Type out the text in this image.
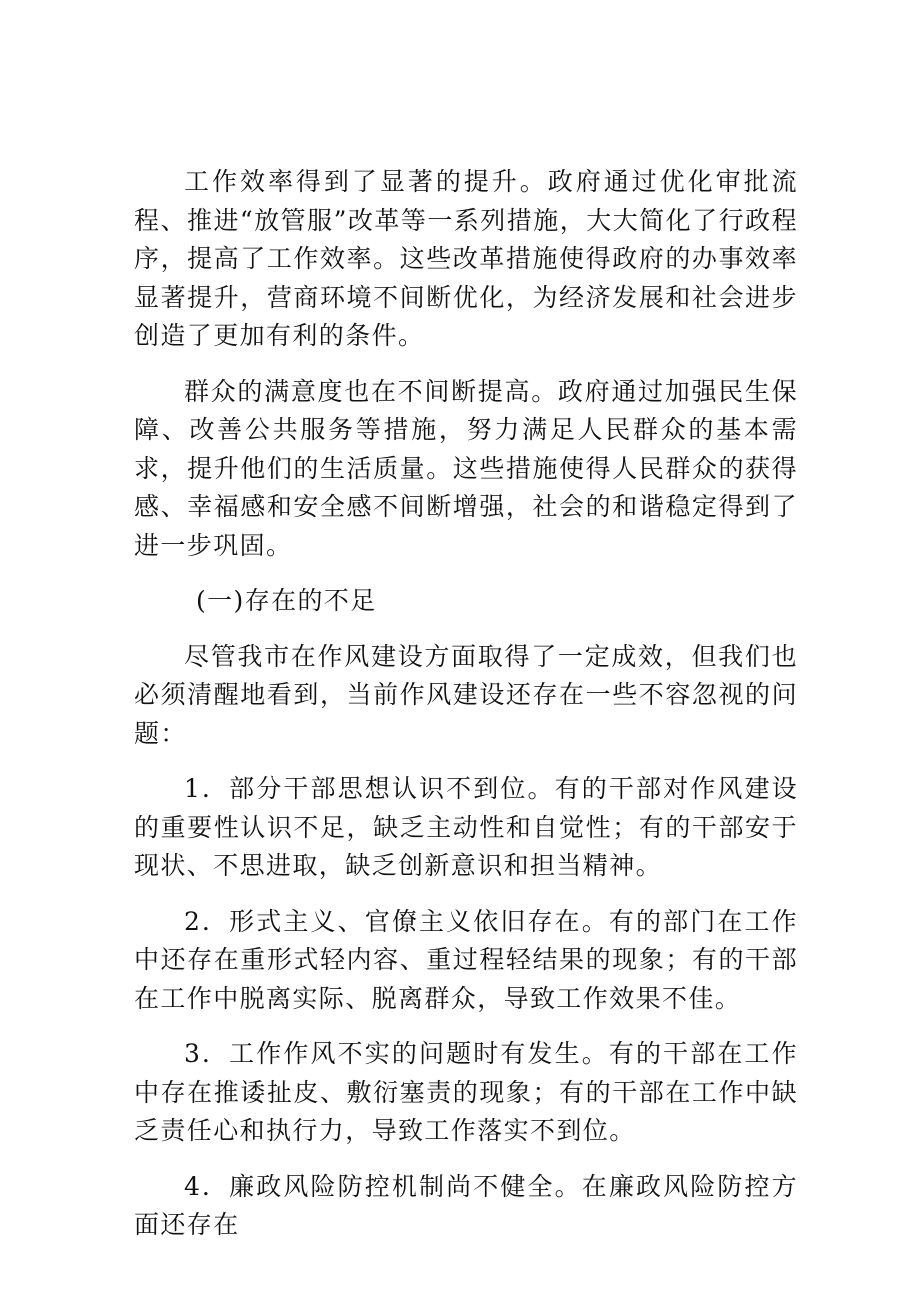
工作效率得到了显著的提升。政府通过优化审批流程、推进“放管服”改革等一系列措施，大大简化了行政程序，提高了工作效率。这些改革措施使得政府的办事效率显著提升，营商环境不间断优化，为经济发展和社会进步创造了更加有利的条件。

群众的满意度也在不间断提高。政府通过加强民生保障、改善公共服务等措施，努力满足人民群众的基本需求，提升他们的生活质量。这些措施使得人民群众的获得感、幸福感和安全感不间断增强，社会的和谐稳定得到了进一步巩固。

(一)存在的不足

尽管我市在作风建设方面取得了一定成效，但我们也必须清醒地看到，当前作风建设还存在一些不容忽视的问题：

1．部分干部思想认识不到位。有的干部对作风建设的重要性认识不足，缺乏主动性和自觉性；有的干部安于现状、不思进取，缺乏创新意识和担当精神。

2．形式主义、官僚主义依旧存在。有的部门在工作中还存在重形式轻内容、重过程轻结果的现象；有的干部在工作中脱离实际、脱离群众，导致工作效果不佳。

3．工作作风不实的问题时有发生。有的干部在工作中存在推诿扯皮、敷衍塞责的现象；有的干部在工作中缺乏责任心和执行力，导致工作落实不到位。

4．廉政风险防控机制尚不健全。在廉政风险防控方面还存在
